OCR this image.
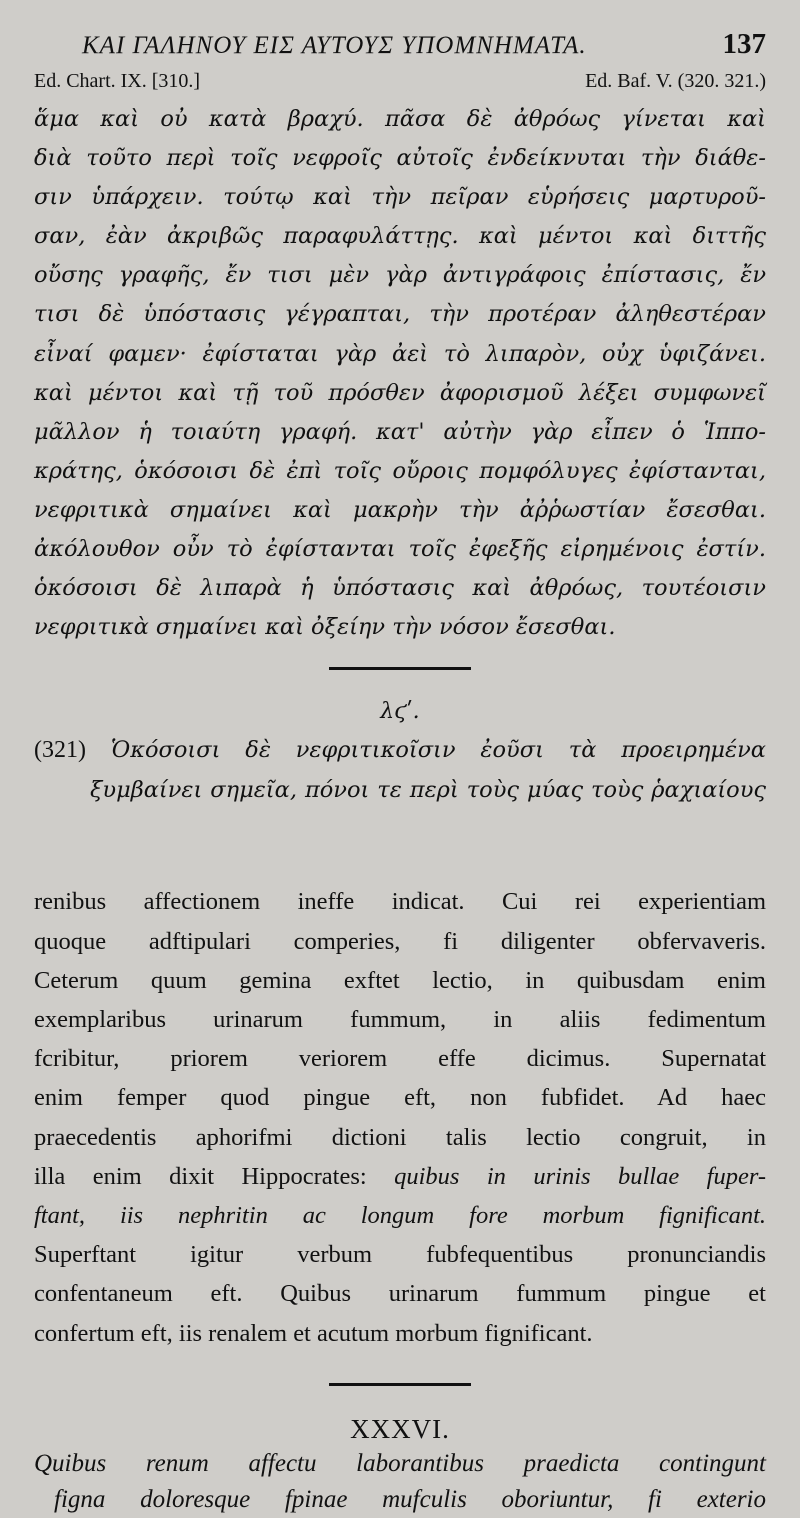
ΚΑΙ ΓΑΛΗΝΟΥ ΕΙΣ ΑΥΤΟΥΣ ΥΠΟΜΝΗΜΑΤΑ.	137
Ed. Chart. IX. [310.]	Ed. Baf. V. (320. 321.)
ἅμα καὶ οὐ κατὰ βραχύ. πᾶσα δὲ ἀθρόως γίνεται καὶ
διὰ τοῦτο περὶ τοῖς νεφροῖς αὐτοῖς ἐνδείκνυται τὴν διάθε-
σιν ὑπάρχειν. τούτῳ καὶ τὴν πεῖραν εὑρήσεις μαρτυροῦ-
σαν, ἐὰν ἀκριβῶς παραφυλάττῃς. καὶ μέντοι καὶ διττῆς
οὔσης γραφῆς, ἔν τισι μὲν γὰρ ἀντιγράφοις ἐπίστασις, ἔν
τισι δὲ ὑπόστασις γέγραπται, τὴν προτέραν ἀληθεστέραν
εἶναί φαμεν· ἐφίσταται γὰρ ἀεὶ τὸ λιπαρὸν, οὐχ ὑφιζάνει.
καὶ μέντοι καὶ τῇ τοῦ πρόσθεν ἀφορισμοῦ λέξει συμφωνεῖ
μᾶλλον ἡ τοιαύτη γραφή. κατ' αὐτὴν γὰρ εἶπεν ὁ Ἱππο-
κράτης, ὁκόσοισι δὲ ἐπὶ τοῖς οὔροις πομφόλυγες ἐφίστανται,
νεφριτικὰ σημαίνει καὶ μακρὴν τὴν ἀῤῥωστίαν ἔσεσθαι.
ἀκόλουθον οὖν τὸ ἐφίστανται τοῖς ἐφεξῆς εἰρημένοις ἐστίν.
ὁκόσοισι δὲ λιπαρὰ ἡ ὑπόστασις καὶ ἀθρόως, τουτέοισιν
νεφριτικὰ σημαίνει καὶ ὀξείην τὴν νόσον ἔσεσθαι.
λϛʹ.
(321) Ὁκόσοισι δὲ νεφριτικοῖσιν ἐοῦσι τὰ προειρημένα
ξυμβαίνει σημεῖα, πόνοι τε περὶ τοὺς μύας τοὺς ῥαχιαίους
renibus affectionem ineffe indicat. Cui rei experientiam
quoque adftipulari comperies, fi diligenter obfervaveris.
Ceterum quum gemina exftet lectio, in quibusdam enim
exemplaribus urinarum fummum, in aliis fedimentum
fcribitur, priorem veriorem effe dicimus. Supernatat
enim femper quod pingue eft, non fubfidet. Ad haec
praecedentis aphorifmi dictioni talis lectio congruit, in
illa enim dixit Hippocrates: quibus in urinis bullae fuper-
ftant, iis nephritin ac longum fore morbum fignificant.
Superftant igitur verbum fubfequentibus pronunciandis
confentaneum eft. Quibus urinarum fummum pingue et
confertum eft, iis renalem et acutum morbum fignificant.
XXXVI.
Quibus renum affectu laborantibus praedicta contingunt
figna doloresque fpinae mufculis oboriuntur, fi exterio
